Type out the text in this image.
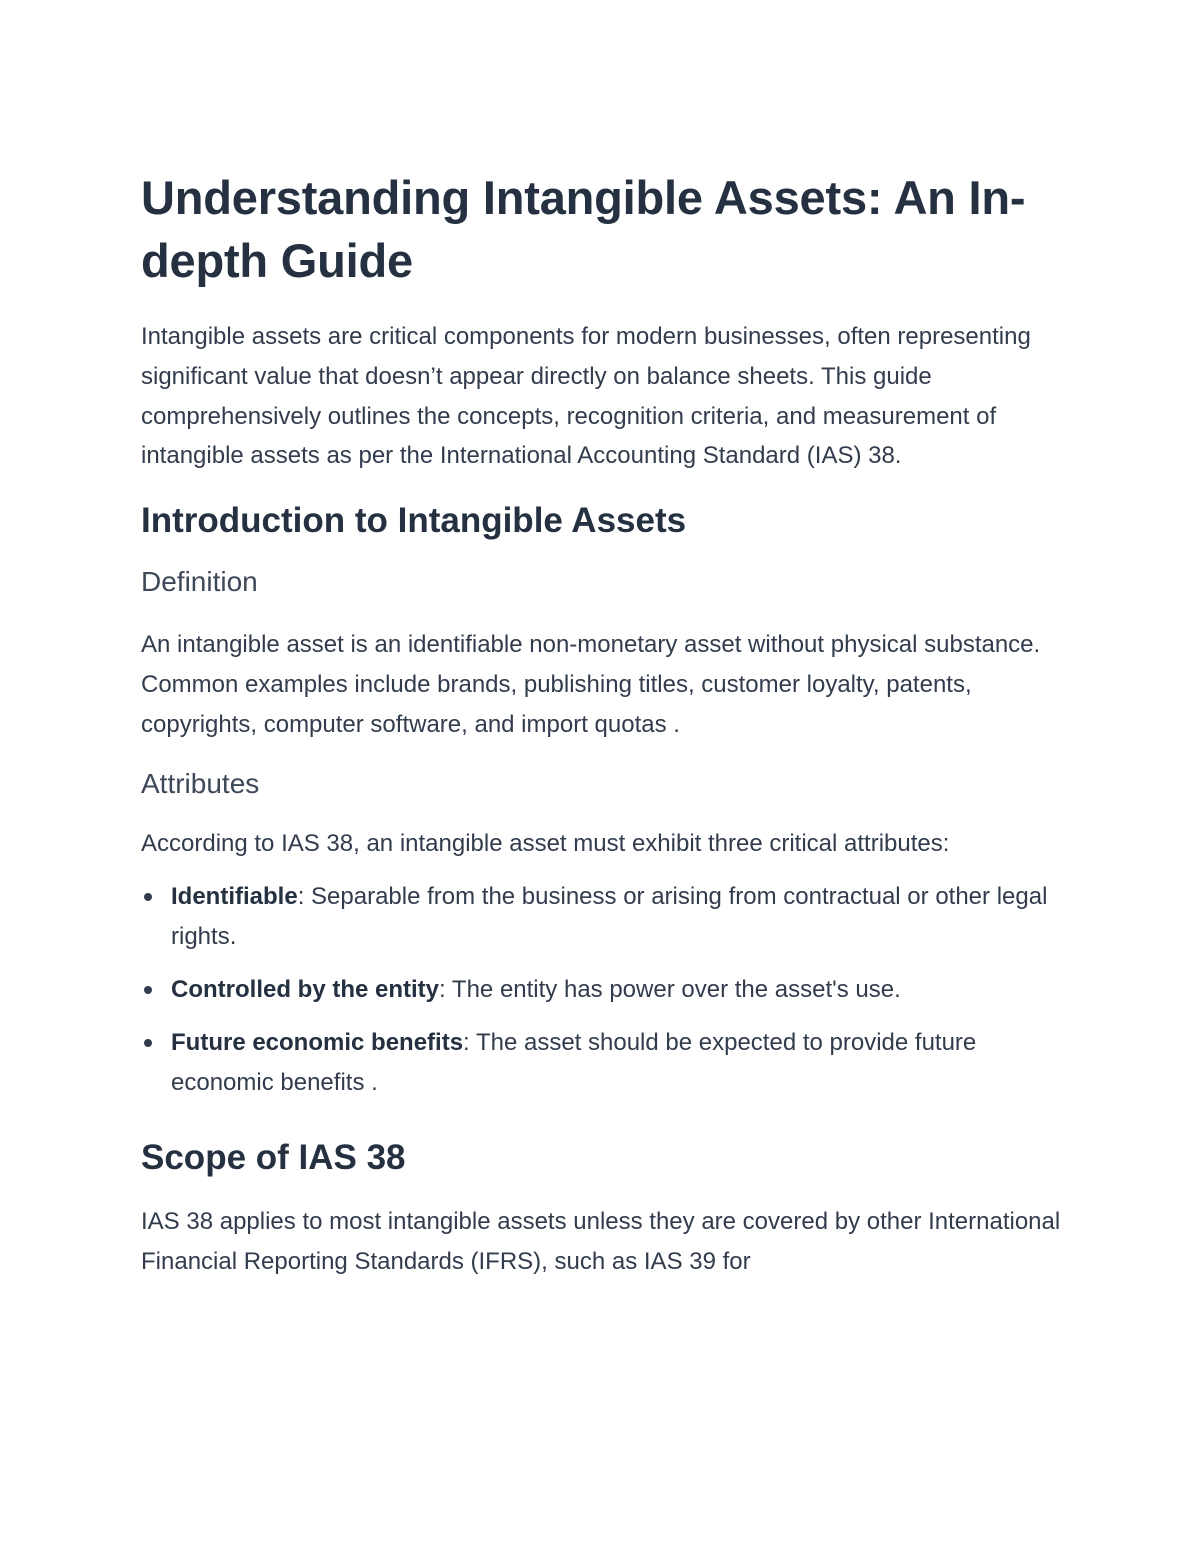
Understanding Intangible Assets: An In-depth Guide

Intangible assets are critical components for modern businesses, often representing significant value that doesn’t appear directly on balance sheets. This guide comprehensively outlines the concepts, recognition criteria, and measurement of intangible assets as per the International Accounting Standard (IAS) 38.

Introduction to Intangible Assets
Definition

An intangible asset is an identifiable non-monetary asset without physical substance. Common examples include brands, publishing titles, customer loyalty, patents, copyrights, computer software, and import quotas .

Attributes

According to IAS 38, an intangible asset must exhibit three critical attributes:

Identifiable: Separable from the business or arising from contractual or other legal rights.
Controlled by the entity: The entity has power over the asset's use.
Future economic benefits: The asset should be expected to provide future economic benefits .
Scope of IAS 38

IAS 38 applies to most intangible assets unless they are covered by other International Financial Reporting Standards (IFRS), such as IAS 39 for
